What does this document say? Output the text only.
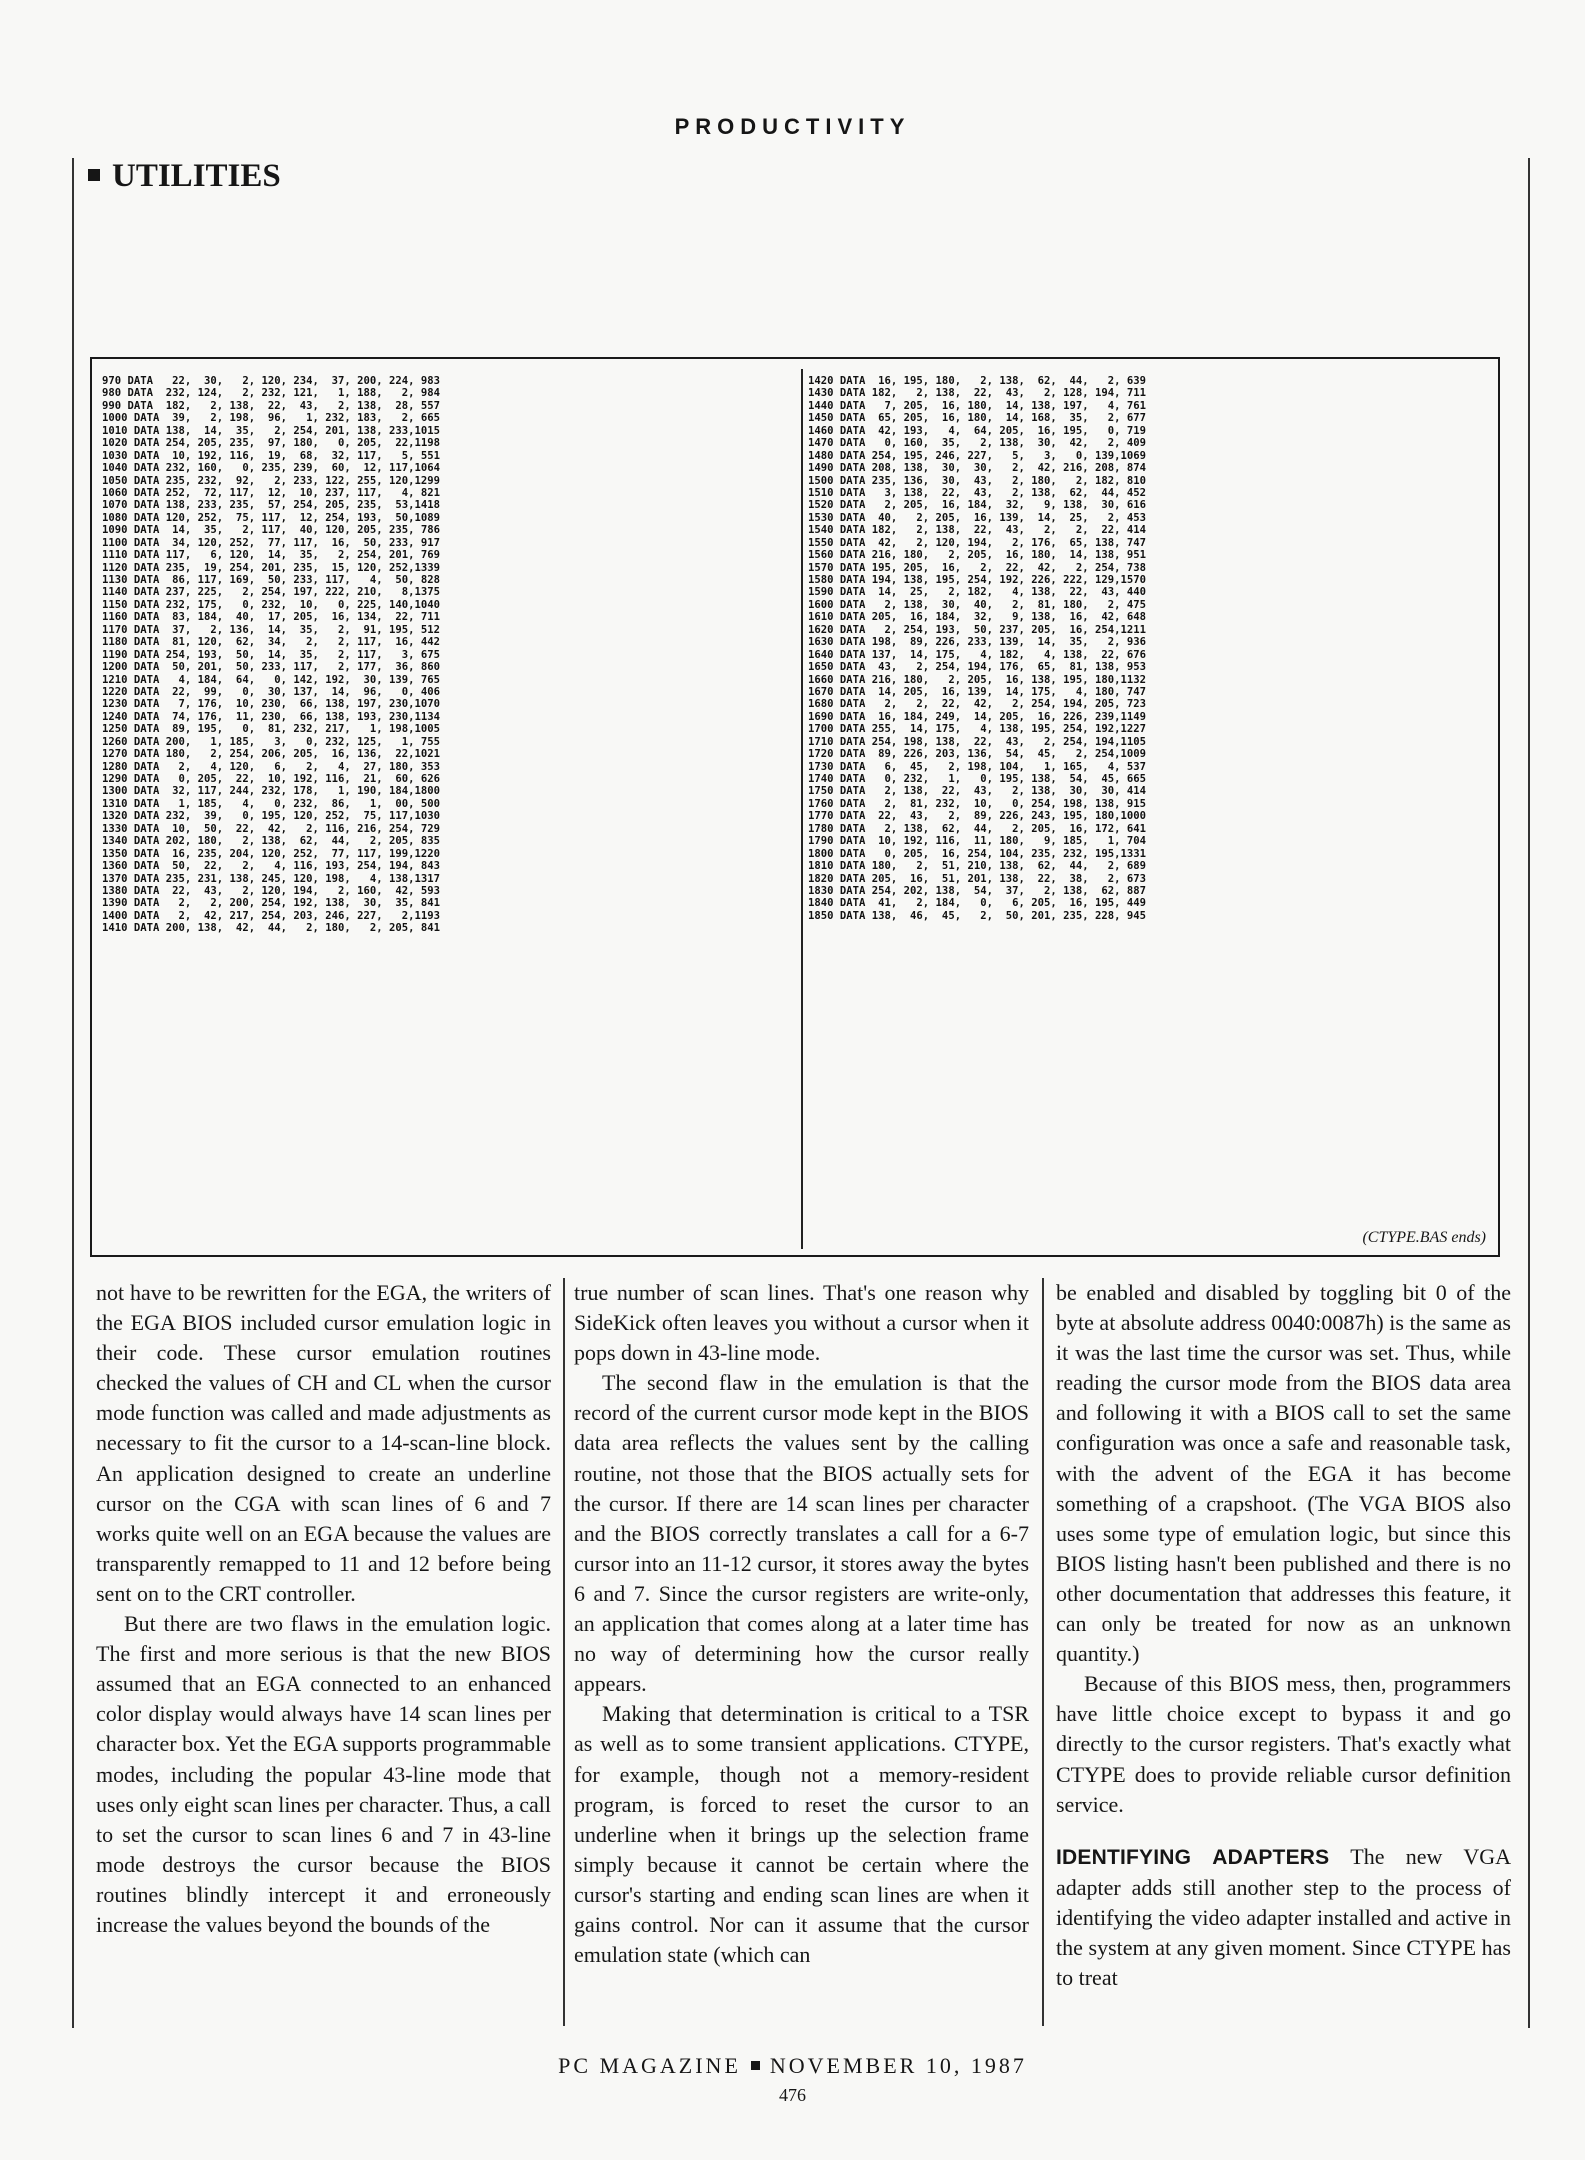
PRODUCTIVITY
UTILITIES
970 DATA   22,  30,   2, 120, 234,  37, 200, 224, 983
980 DATA  232, 124,   2, 232, 121,   1, 188,   2, 984
990 DATA  182,   2, 138,  22,  43,   2, 138,  28, 557
1000 DATA  39,   2, 198,  96,   1, 232, 183,   2, 665
1010 DATA 138,  14,  35,   2, 254, 201, 138, 233,1015
1020 DATA 254, 205, 235,  97, 180,   0, 205,  22,1198
1030 DATA  10, 192, 116,  19,  68,  32, 117,   5, 551
1040 DATA 232, 160,   0, 235, 239,  60,  12, 117,1064
1050 DATA 235, 232,  92,   2, 233, 122, 255, 120,1299
1060 DATA 252,  72, 117,  12,  10, 237, 117,   4, 821
1070 DATA 138, 233, 235,  57, 254, 205, 235,  53,1418
1080 DATA 120, 252,  75, 117,  12, 254, 193,  50,1089
1090 DATA  14,  35,   2, 117,  40, 120, 205, 235, 786
1100 DATA  34, 120, 252,  77, 117,  16,  50, 233, 917
1110 DATA 117,   6, 120,  14,  35,   2, 254, 201, 769
1120 DATA 235,  19, 254, 201, 235,  15, 120, 252,1339
1130 DATA  86, 117, 169,  50, 233, 117,   4,  50, 828
1140 DATA 237, 225,   2, 254, 197, 222, 210,   8,1375
1150 DATA 232, 175,   0, 232,  10,   0, 225, 140,1040
1160 DATA  83, 184,  40,  17, 205,  16, 134,  22, 711
1170 DATA  37,   2, 136,  14,  35,   2,  91, 195, 512
1180 DATA  81, 120,  62,  34,   2,   2, 117,  16, 442
1190 DATA 254, 193,  50,  14,  35,   2, 117,   3, 675
1200 DATA  50, 201,  50, 233, 117,   2, 177,  36, 860
1210 DATA   4, 184,  64,   0, 142, 192,  30, 139, 765
1220 DATA  22,  99,   0,  30, 137,  14,  96,   0, 406
1230 DATA   7, 176,  10, 230,  66, 138, 197, 230,1070
1240 DATA  74, 176,  11, 230,  66, 138, 193, 230,1134
1250 DATA  89, 195,   0,  81, 232, 217,   1, 198,1005
1260 DATA 200,   1, 185,   3,   0, 232, 125,   1, 755
1270 DATA 180,   2, 254, 206, 205,  16, 136,  22,1021
1280 DATA   2,   4, 120,   6,   2,   4,  27, 180, 353
1290 DATA   0, 205,  22,  10, 192, 116,  21,  60, 626
1300 DATA  32, 117, 244, 232, 178,   1, 190, 184,1800
1310 DATA   1, 185,   4,   0, 232,  86,   1,  00, 500
1320 DATA 232,  39,   0, 195, 120, 252,  75, 117,1030
1330 DATA  10,  50,  22,  42,   2, 116, 216, 254, 729
1340 DATA 202, 180,   2, 138,  62,  44,   2, 205, 835
1350 DATA  16, 235, 204, 120, 252,  77, 117, 199,1220
1360 DATA  50,  22,   2,   4, 116, 193, 254, 194, 843
1370 DATA 235, 231, 138, 245, 120, 198,   4, 138,1317
1380 DATA  22,  43,   2, 120, 194,   2, 160,  42, 593
1390 DATA   2,   2, 200, 254, 192, 138,  30,  35, 841
1400 DATA   2,  42, 217, 254, 203, 246, 227,   2,1193
1410 DATA 200, 138,  42,  44,   2, 180,   2, 205, 841
1420 DATA  16, 195, 180,   2, 138,  62,  44,   2, 639
1430 DATA 182,   2, 138,  22,  43,   2, 128, 194, 711
1440 DATA   7, 205,  16, 180,  14, 138, 197,   4, 761
1450 DATA  65, 205,  16, 180,  14, 168,  35,   2, 677
1460 DATA  42, 193,   4,  64, 205,  16, 195,   0, 719
1470 DATA   0, 160,  35,   2, 138,  30,  42,   2, 409
1480 DATA 254, 195, 246, 227,   5,   3,   0, 139,1069
1490 DATA 208, 138,  30,  30,   2,  42, 216, 208, 874
1500 DATA 235, 136,  30,  43,   2, 180,   2, 182, 810
1510 DATA   3, 138,  22,  43,   2, 138,  62,  44, 452
1520 DATA   2, 205,  16, 184,  32,   9, 138,  30, 616
1530 DATA  40,   2, 205,  16, 139,  14,  25,   2, 453
1540 DATA 182,   2, 138,  22,  43,   2,   2,  22, 414
1550 DATA  42,   2, 120, 194,   2, 176,  65, 138, 747
1560 DATA 216, 180,   2, 205,  16, 180,  14, 138, 951
1570 DATA 195, 205,  16,   2,  22,  42,   2, 254, 738
1580 DATA 194, 138, 195, 254, 192, 226, 222, 129,1570
1590 DATA  14,  25,   2, 182,   4, 138,  22,  43, 440
1600 DATA   2, 138,  30,  40,   2,  81, 180,   2, 475
1610 DATA 205,  16, 184,  32,   9, 138,  16,  42, 648
1620 DATA   2, 254, 193,  50, 237, 205,  16, 254,1211
1630 DATA 198,  89, 226, 233, 139,  14,  35,   2, 936
1640 DATA 137,  14, 175,   4, 182,   4, 138,  22, 676
1650 DATA  43,   2, 254, 194, 176,  65,  81, 138, 953
1660 DATA 216, 180,   2, 205,  16, 138, 195, 180,1132
1670 DATA  14, 205,  16, 139,  14, 175,   4, 180, 747
1680 DATA   2,   2,  22,  42,   2, 254, 194, 205, 723
1690 DATA  16, 184, 249,  14, 205,  16, 226, 239,1149
1700 DATA 255,  14, 175,   4, 138, 195, 254, 192,1227
1710 DATA 254, 198, 138,  22,  43,   2, 254, 194,1105
1720 DATA  89, 226, 203, 136,  54,  45,   2, 254,1009
1730 DATA   6,  45,   2, 198, 104,   1, 165,   4, 537
1740 DATA   0, 232,   1,   0, 195, 138,  54,  45, 665
1750 DATA   2, 138,  22,  43,   2, 138,  30,  30, 414
1760 DATA   2,  81, 232,  10,   0, 254, 198, 138, 915
1770 DATA  22,  43,   2,  89, 226, 243, 195, 180,1000
1780 DATA   2, 138,  62,  44,   2, 205,  16, 172, 641
1790 DATA  10, 192, 116,  11, 180,   9, 185,   1, 704
1800 DATA   0, 205,  16, 254, 104, 235, 232, 195,1331
1810 DATA 180,   2,  51, 210, 138,  62,  44,   2, 689
1820 DATA 205,  16,  51, 201, 138,  22,  38,   2, 673
1830 DATA 254, 202, 138,  54,  37,   2, 138,  62, 887
1840 DATA  41,   2, 184,   0,   6, 205,  16, 195, 449
1850 DATA 138,  46,  45,   2,  50, 201, 235, 228, 945
(CTYPE.BAS ends)

not have to be rewritten for the EGA, the writers of the EGA BIOS included cursor emulation logic in their code. These cursor emulation routines checked the values of CH and CL when the cursor mode function was called and made adjustments as necessary to fit the cursor to a 14-scan-line block. An application designed to create an underline cursor on the CGA with scan lines of 6 and 7 works quite well on an EGA because the values are transparently remapped to 11 and 12 before being sent on to the CRT controller.

But there are two flaws in the emulation logic. The first and more serious is that the new BIOS assumed that an EGA connected to an enhanced color display would always have 14 scan lines per character box. Yet the EGA supports programmable modes, including the popular 43-line mode that uses only eight scan lines per character. Thus, a call to set the cursor to scan lines 6 and 7 in 43-line mode destroys the cursor because the BIOS routines blindly intercept it and erroneously increase the values beyond the bounds of the

true number of scan lines. That's one reason why SideKick often leaves you without a cursor when it pops down in 43-line mode.

The second flaw in the emulation is that the record of the current cursor mode kept in the BIOS data area reflects the values sent by the calling routine, not those that the BIOS actually sets for the cursor. If there are 14 scan lines per character and the BIOS correctly translates a call for a 6-7 cursor into an 11-12 cursor, it stores away the bytes 6 and 7. Since the cursor registers are write-only, an application that comes along at a later time has no way of determining how the cursor really appears.

Making that determination is critical to a TSR as well as to some transient applications. CTYPE, for example, though not a memory-resident program, is forced to reset the cursor to an underline when it brings up the selection frame simply because it cannot be certain where the cursor's starting and ending scan lines are when it gains control. Nor can it assume that the cursor emulation state (which can

be enabled and disabled by toggling bit 0 of the byte at absolute address 0040:0087h) is the same as it was the last time the cursor was set. Thus, while reading the cursor mode from the BIOS data area and following it with a BIOS call to set the same configuration was once a safe and reasonable task, with the advent of the EGA it has become something of a crapshoot. (The VGA BIOS also uses some type of emulation logic, but since this BIOS listing hasn't been published and there is no other documentation that addresses this feature, it can only be treated for now as an unknown quantity.)

Because of this BIOS mess, then, programmers have little choice except to bypass it and go directly to the cursor registers. That's exactly what CTYPE does to provide reliable cursor definition service.

IDENTIFYING ADAPTERS The new VGA adapter adds still another step to the process of identifying the video adapter installed and active in the system at any given moment. Since CTYPE has to treat

PC MAGAZINE NOVEMBER 10, 1987
476
